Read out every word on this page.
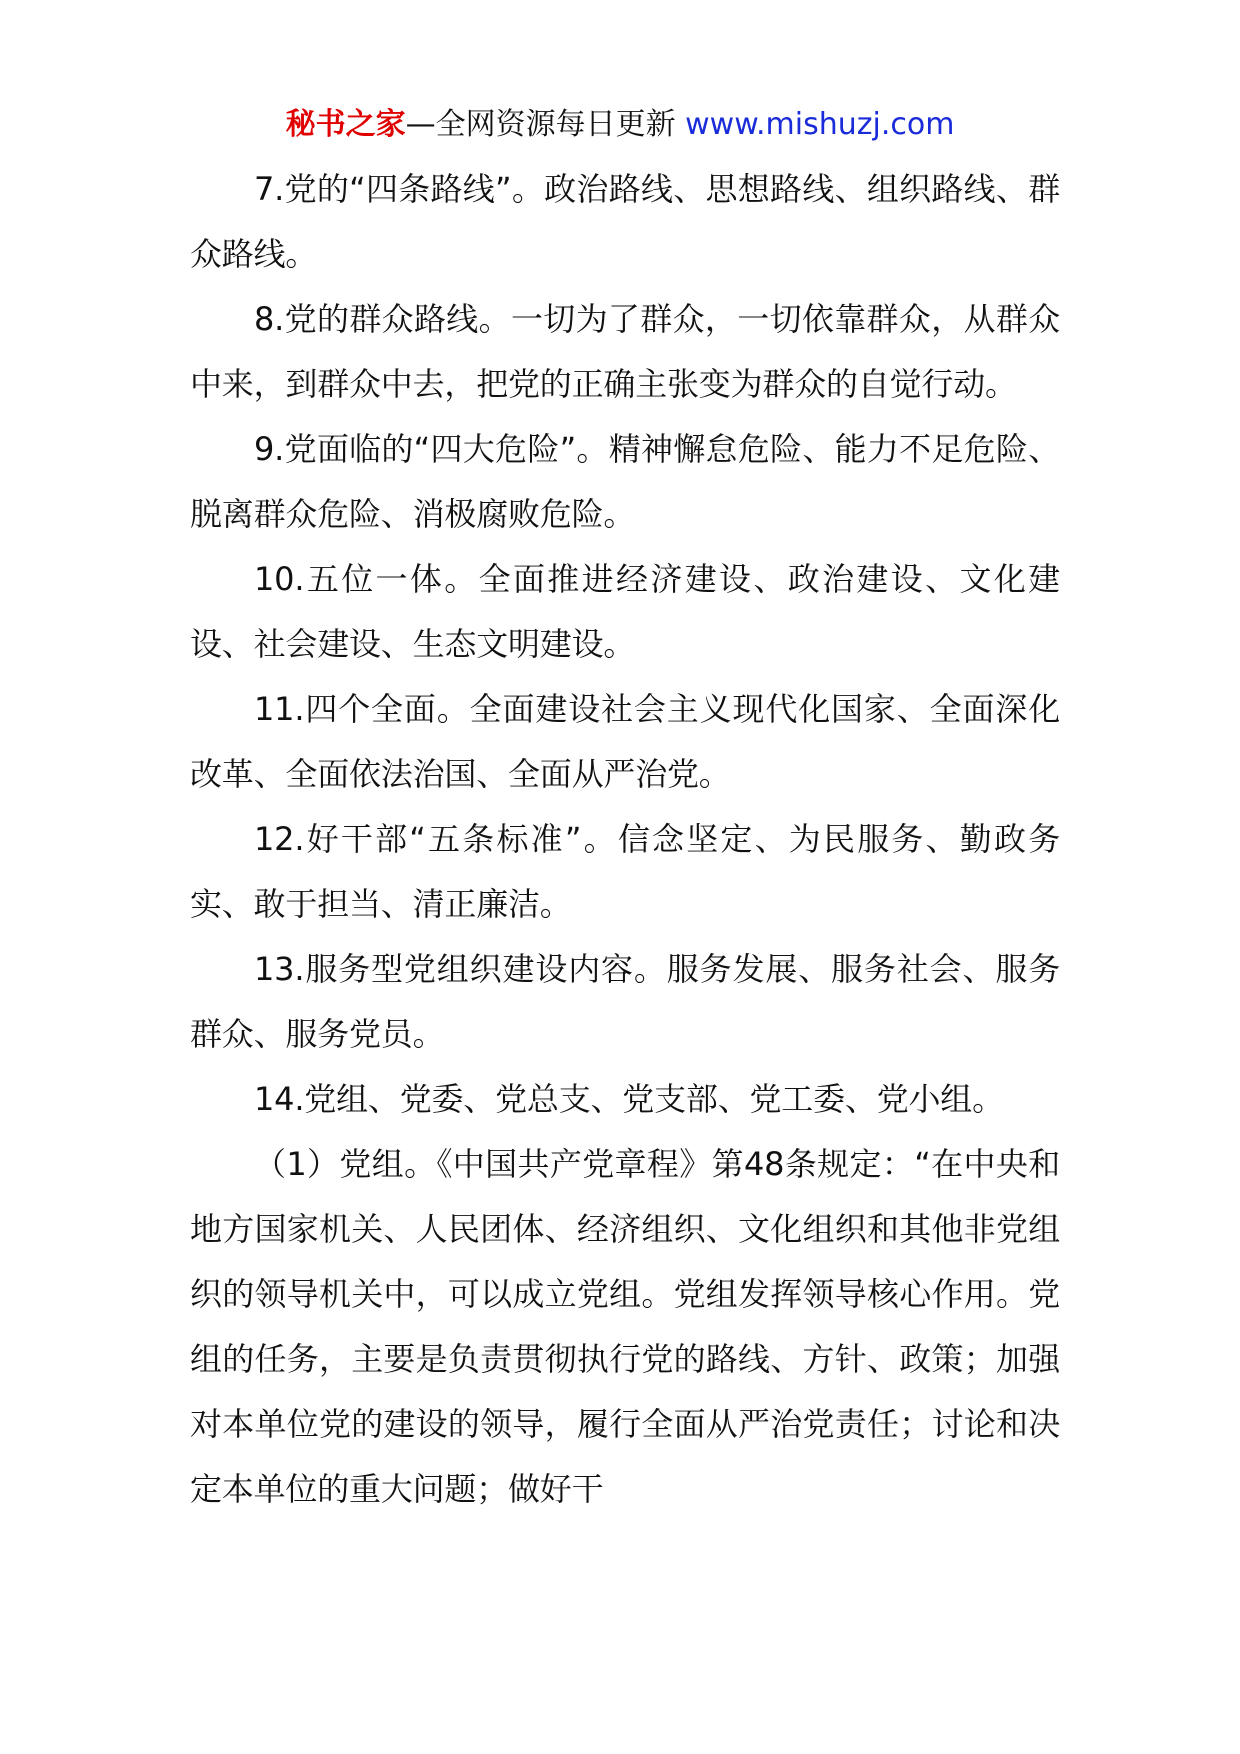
秘书之家—全网资源每日更新 www.mishuzj.com

7.党的“四条路线”。政治路线、思想路线、组织路线、群众路线。

8.党的群众路线。一切为了群众，一切依靠群众，从群众中来，到群众中去，把党的正确主张变为群众的自觉行动。

9.党面临的“四大危险”。精神懈怠危险、能力不足危险、脱离群众危险、消极腐败危险。

10.五位一体。全面推进经济建设、政治建设、文化建设、社会建设、生态文明建设。

11.四个全面。全面建设社会主义现代化国家、全面深化改革、全面依法治国、全面从严治党。

12.好干部“五条标准”。信念坚定、为民服务、勤政务实、敢于担当、清正廉洁。

13.服务型党组织建设内容。服务发展、服务社会、服务群众、服务党员。

14.党组、党委、党总支、党支部、党工委、党小组。

（1）党组。《中国共产党章程》第48条规定：“在中央和地方国家机关、人民团体、经济组织、文化组织和其他非党组织的领导机关中，可以成立党组。党组发挥领导核心作用。党组的任务，主要是负责贯彻执行党的路线、方针、政策；加强对本单位党的建设的领导，履行全面从严治党责任；讨论和决定本单位的重大问题；做好干
